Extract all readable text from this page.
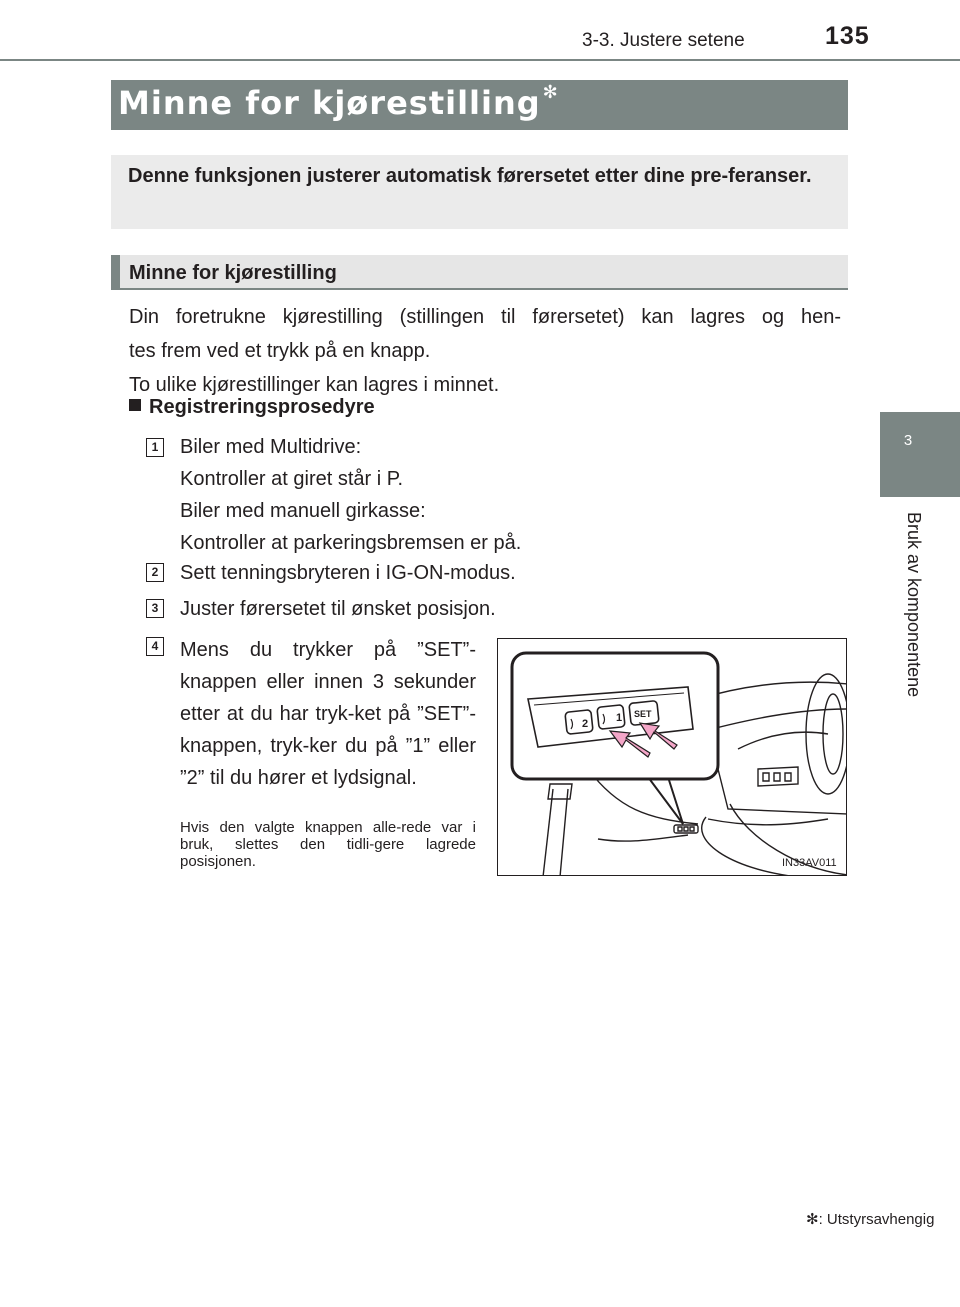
3-3. Justere setene	135
3
Bruk av komponentene
Minne for kjørestilling ✻
Denne funksjonen justerer automatisk førersetet etter dine pre-feranser.
Minne for kjørestilling
Din foretrukne kjørestilling (stillingen til førersetet) kan lagres og hen-
tes frem ved et trykk på en knapp.
To ulike kjørestillinger kan lagres i minnet.
Registreringsprosedyre
1 Biler med Multidrive:
Kontroller at giret står i P.
Biler med manuell girkasse:
Kontroller at parkeringsbremsen er på.
2 Sett tenningsbryteren i IG-ON-modus.
3 Juster førersetet til ønsket posisjon.
4 Mens du trykker på ”SET”-knappen eller innen 3 sekunder etter at du har tryk-ket på ”SET”-knappen, tryk-ker du på ”1” eller ”2” til du hører et lydsignal.
Hvis den valgte knappen alle-rede var i bruk, slettes den tidli-gere lagrede posisjonen.
2	1 SET
IN33AV011
✻: Utstyrsavhengig
